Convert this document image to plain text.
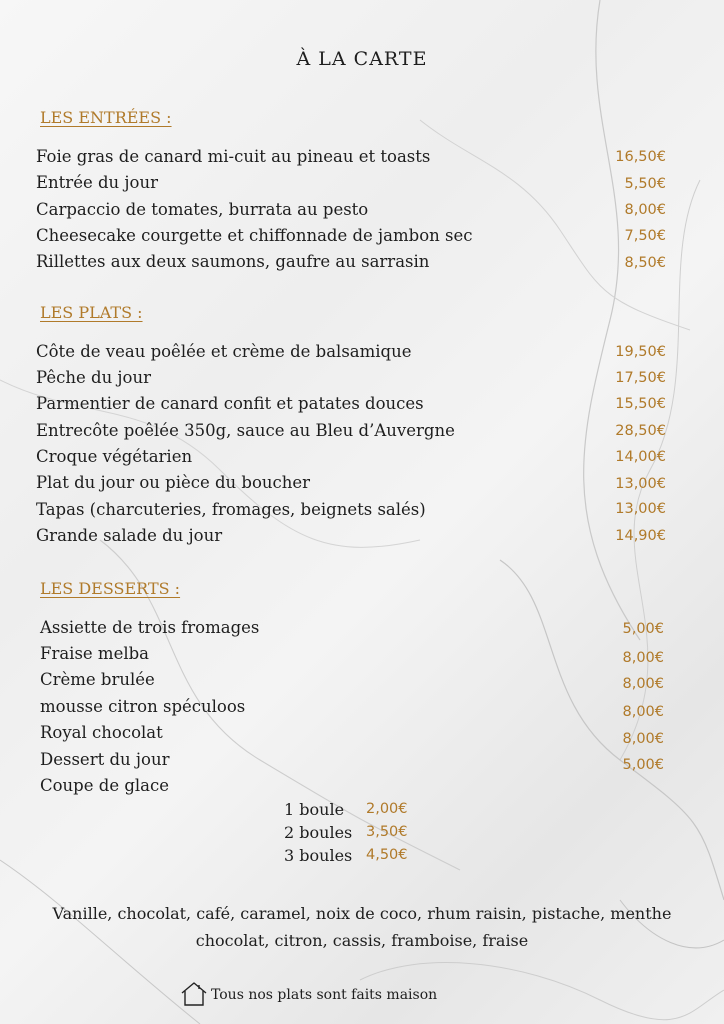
À LA CARTE
LES ENTRÉES :
Foie gras de canard mi-cuit au pineau et toasts	16,50€
Entrée du jour	5,50€
Carpaccio de tomates, burrata au pesto	8,00€
Cheesecake courgette et chiffonnade de jambon sec	7,50€
Rillettes aux deux saumons, gaufre au sarrasin	8,50€
LES PLATS :
Côte de veau poêlée et crème de balsamique	19,50€
Pêche du jour	17,50€
Parmentier de canard confit et patates douces	15,50€
Entrecôte poêlée 350g, sauce au Bleu d’Auvergne	28,50€
Croque végétarien	14,00€
Plat du jour ou pièce du boucher	13,00€
Tapas (charcuteries, fromages, beignets salés)	13,00€
Grande salade du jour	14,90€
LES DESSERTS :
Assiette de trois fromages	5,00€
Fraise melba	8,00€
Crème brulée	8,00€
mousse citron spéculoos	8,00€
Royal chocolat	8,00€
Dessert du jour	5,00€
Coupe de glace
1 boule 2,00€
2 boules 3,50€
3 boules 4,50€
Vanille, chocolat, café, caramel, noix de coco, rhum raisin, pistache, menthe
chocolat, citron, cassis, framboise, fraise
Tous nos plats sont faits maison
